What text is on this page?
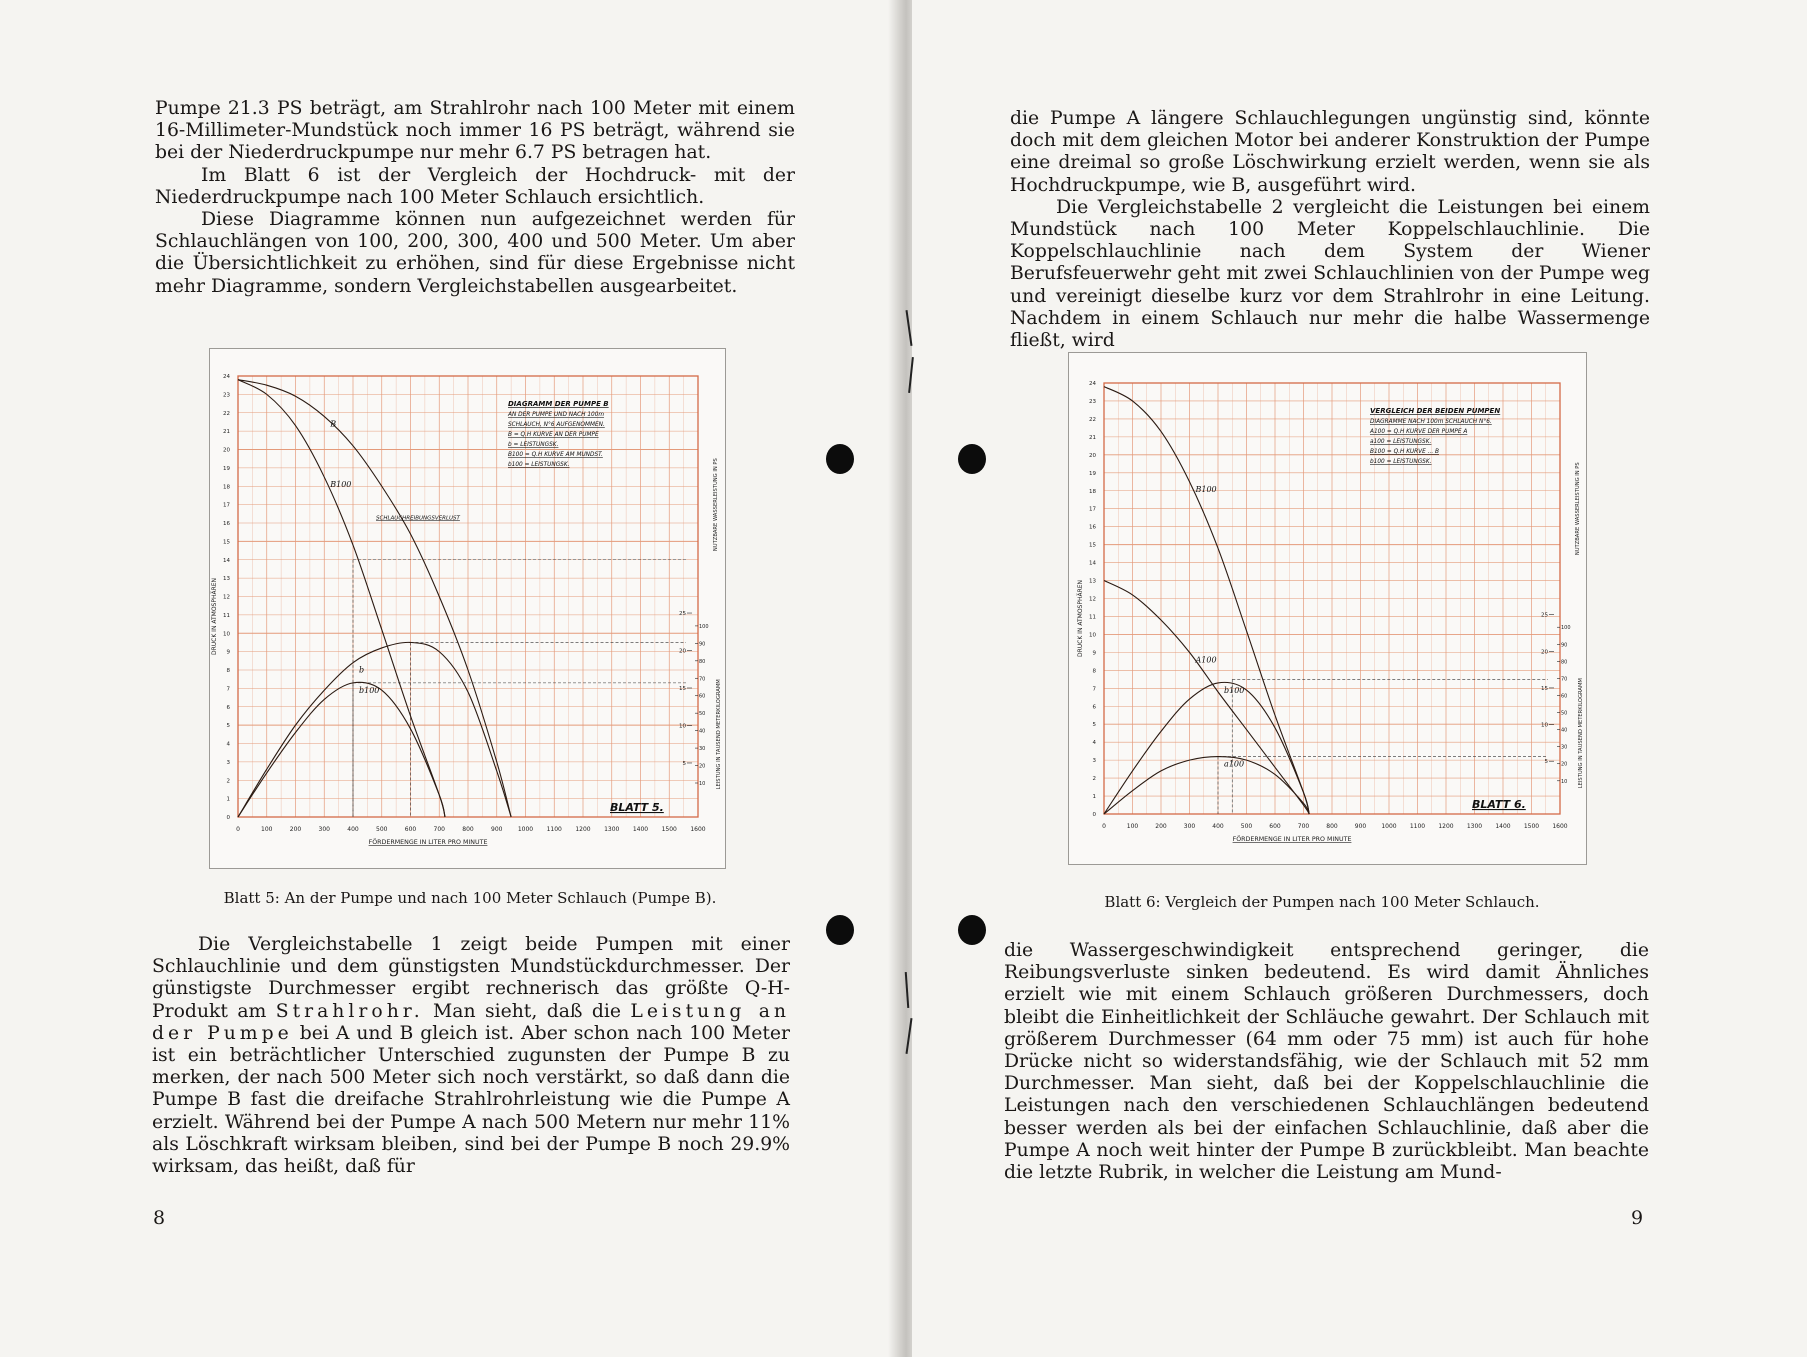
Pumpe 21.3 PS beträgt, am Strahlrohr nach 100 Meter mit einem 16-Millimeter-Mundstück noch immer 16 PS beträgt, während sie bei der Niederdruckpumpe nur mehr 6.7 PS betragen hat.

Im Blatt 6 ist der Vergleich der Hochdruck- mit der Niederdruckpumpe nach 100 Meter Schlauch ersichtlich.

Diese Diagramme können nun aufgezeichnet werden für Schlauchlängen von 100, 200, 300, 400 und 500 Meter. Um aber die Übersichtlichkeit zu erhöhen, sind für diese Ergebnisse nicht mehr Diagramme, sondern Vergleichstabellen ausgearbeitet.

0	100	200	300	400	500	600	700	800	900	1000 1100 1200 1300 1400 1500 1600
1
2
3
4
5
6
7
8
9
10
11
12
13
14
15
16
17
18
19
20
21
22
23
24
0
DRUCK IN ATMOSPHÄREN
FÖRDERMENGE IN LITER PRO MINUTE
5
10
15
20
25
10
20
30
40
50
60
70
80
90
100
NUTZBARE WASSERLEISTUNG IN PS
LEISTUNG IN TAUSEND METERKILOGRAMM
B
B100
b
b100
DIAGRAMM DER PUMPE B
AN DER PUMPE UND NACH 100m
SCHLAUCH, N°6 AUFGENOMMEN.
B = Q.H KURVE AN DER PUMPE
b = LEISTUNGSK.
B100 = Q.H KURVE AM MUNDST.
b100 = LEISTUNGSK.
SCHLAUCHREIBUNGSVERLUST
BLATT 5.
Blatt 5: An der Pumpe und nach 100 Meter Schlauch (Pumpe B).

Die Vergleichstabelle 1 zeigt beide Pumpen mit einer Schlauchlinie und dem günstigsten Mundstückdurchmesser. Der günstigste Durchmesser ergibt rechnerisch das größte Q-H-Produkt am Strahlrohr. Man sieht, daß die Leistung an der Pumpe bei A und B gleich ist. Aber schon nach 100 Meter ist ein beträchtlicher Unterschied zugunsten der Pumpe B zu merken, der nach 500 Meter sich noch verstärkt, so daß dann die Pumpe B fast die dreifache Strahlrohrleistung wie die Pumpe A erzielt. Während bei der Pumpe A nach 500 Metern nur mehr 11% als Löschkraft wirksam bleiben, sind bei der Pumpe B noch 29.9% wirksam, das heißt, daß für

8

die Pumpe A längere Schlauchlegungen ungünstig sind, könnte doch mit dem gleichen Motor bei anderer Konstruktion der Pumpe eine dreimal so große Löschwirkung erzielt werden, wenn sie als Hochdruckpumpe, wie B, ausgeführt wird.

Die Vergleichstabelle 2 vergleicht die Leistungen bei einem Mundstück nach 100 Meter Koppelschlauchlinie. Die Koppelschlauchlinie nach dem System der Wiener Berufsfeuerwehr geht mit zwei Schlauchlinien von der Pumpe weg und vereinigt dieselbe kurz vor dem Strahlrohr in eine Leitung. Nachdem in einem Schlauch nur mehr die halbe Wassermenge fließt, wird

0	100	200	300	400	500	600	700	800	900	1000 1100 1200 1300 1400 1500 1600
1
2
3
4
5
6
7
8
9
10
11
12
13
14
15
16
17
18
19
20
21
22
23
24
0
DRUCK IN ATMOSPHÄREN
FÖRDERMENGE IN LITER PRO MINUTE
5
10
15
20
25
10
20
30
40
50
60
70
80
90
100
NUTZBARE WASSERLEISTUNG IN PS
LEISTUNG IN TAUSEND METERKILOGRAMM
B100
A100
b100
a100
VERGLEICH DER BEIDEN PUMPEN
DIAGRAMME NACH 100m SCHLAUCH N°6.
A100 = Q.H KURVE DER PUMPE A
a100 = LEISTUNGSK.
B100 = Q.H KURVE ... B
b100 = LEISTUNGSK.
BLATT 6.
Blatt 6: Vergleich der Pumpen nach 100 Meter Schlauch.

die Wassergeschwindigkeit entsprechend geringer, die Reibungsverluste sinken bedeutend. Es wird damit Ähnliches erzielt wie mit einem Schlauch größeren Durchmessers, doch bleibt die Einheitlichkeit der Schläuche gewahrt. Der Schlauch mit größerem Durchmesser (64 mm oder 75 mm) ist auch für hohe Drücke nicht so widerstandsfähig, wie der Schlauch mit 52 mm Durchmesser. Man sieht, daß bei der Koppelschlauchlinie die Leistungen nach den verschiedenen Schlauchlängen bedeutend besser werden als bei der einfachen Schlauchlinie, daß aber die Pumpe A noch weit hinter der Pumpe B zurückbleibt. Man beachte die letzte Rubrik, in welcher die Leistung am Mund-

9
